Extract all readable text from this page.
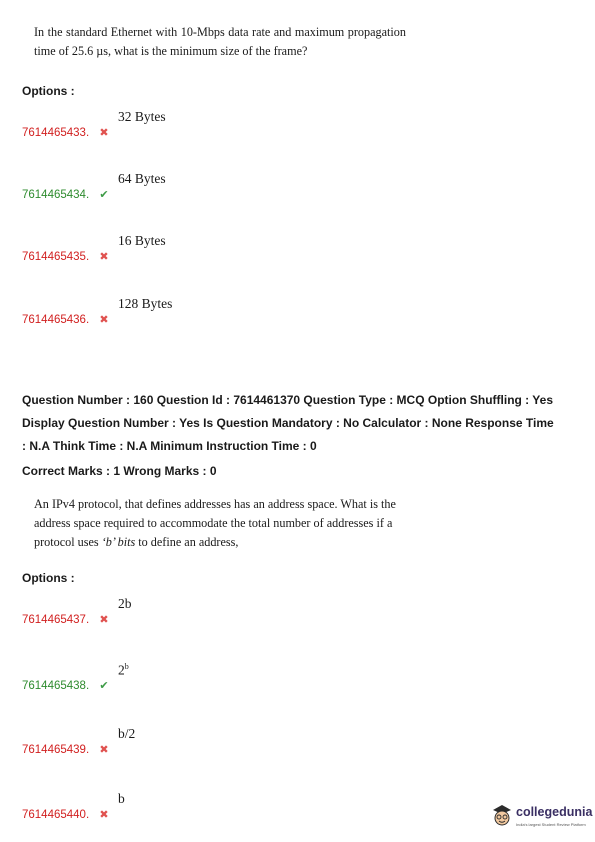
In the standard Ethernet with 10-Mbps data rate and maximum propagation time of 25.6 µs, what is the minimum size of the frame?
Options :
7614465433. ✖
32 Bytes
7614465434. ✔
64 Bytes
7614465435. ✖
16 Bytes
7614465436. ✖
128 Bytes
Question Number : 160 Question Id : 7614461370 Question Type : MCQ Option Shuffling : Yes
Display Question Number : Yes Is Question Mandatory : No Calculator : None Response Time
: N.A Think Time : N.A Minimum Instruction Time : 0
Correct Marks : 1 Wrong Marks : 0
An IPv4 protocol, that defines addresses has an address space. What is the
address space required to accommodate the total number of addresses if a
protocol uses ‘b’ bits to define an address,
Options :
7614465437. ✖
2b
7614465438. ✔
2$^b$
7614465439. ✖
b/2
7614465440. ✖
b
collegedunia
India's largest Student Review Platform
